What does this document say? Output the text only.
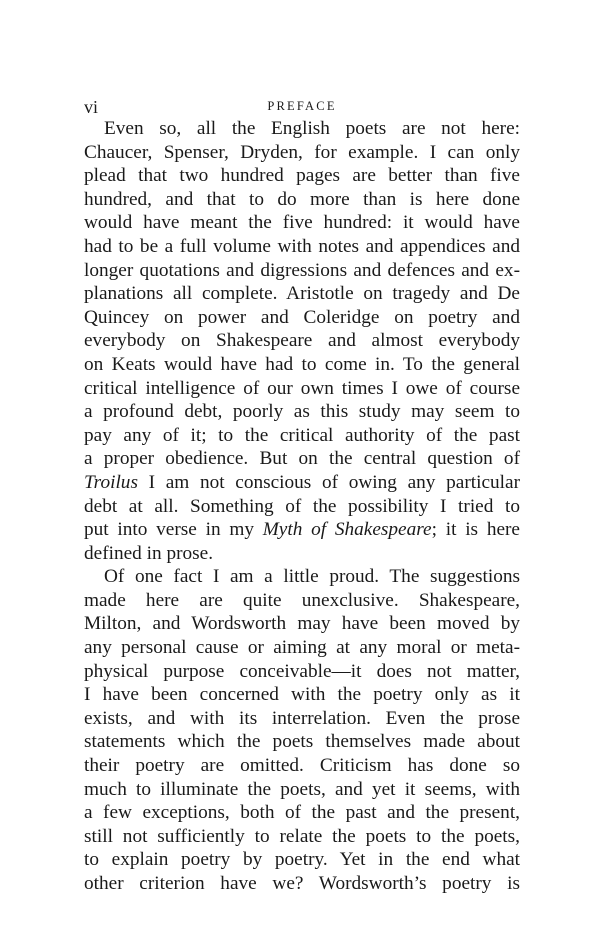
vi	PREFACE
Even so, all the English poets are not here:
Chaucer, Spenser, Dryden, for example. I can only
plead that two hundred pages are better than five
hundred, and that to do more than is here done
would have meant the five hundred: it would have
had to be a full volume with notes and appendices and
longer quotations and digressions and defences and ex-
planations all complete. Aristotle on tragedy and De
Quincey on power and Coleridge on poetry and
everybody on Shakespeare and almost everybody
on Keats would have had to come in. To the general
critical intelligence of our own times I owe of course
a profound debt, poorly as this study may seem to
pay any of it; to the critical authority of the past
a proper obedience. But on the central question of
Troilus I am not conscious of owing any particular
debt at all. Something of the possibility I tried to
put into verse in my Myth of Shakespeare; it is here
defined in prose.
Of one fact I am a little proud. The suggestions
made here are quite unexclusive. Shakespeare,
Milton, and Wordsworth may have been moved by
any personal cause or aiming at any moral or meta-
physical purpose conceivable—it does not matter,
I have been concerned with the poetry only as it
exists, and with its interrelation. Even the prose
statements which the poets themselves made about
their poetry are omitted. Criticism has done so
much to illuminate the poets, and yet it seems, with
a few exceptions, both of the past and the present,
still not sufficiently to relate the poets to the poets,
to explain poetry by poetry. Yet in the end what
other criterion have we? Wordsworth’s poetry is
